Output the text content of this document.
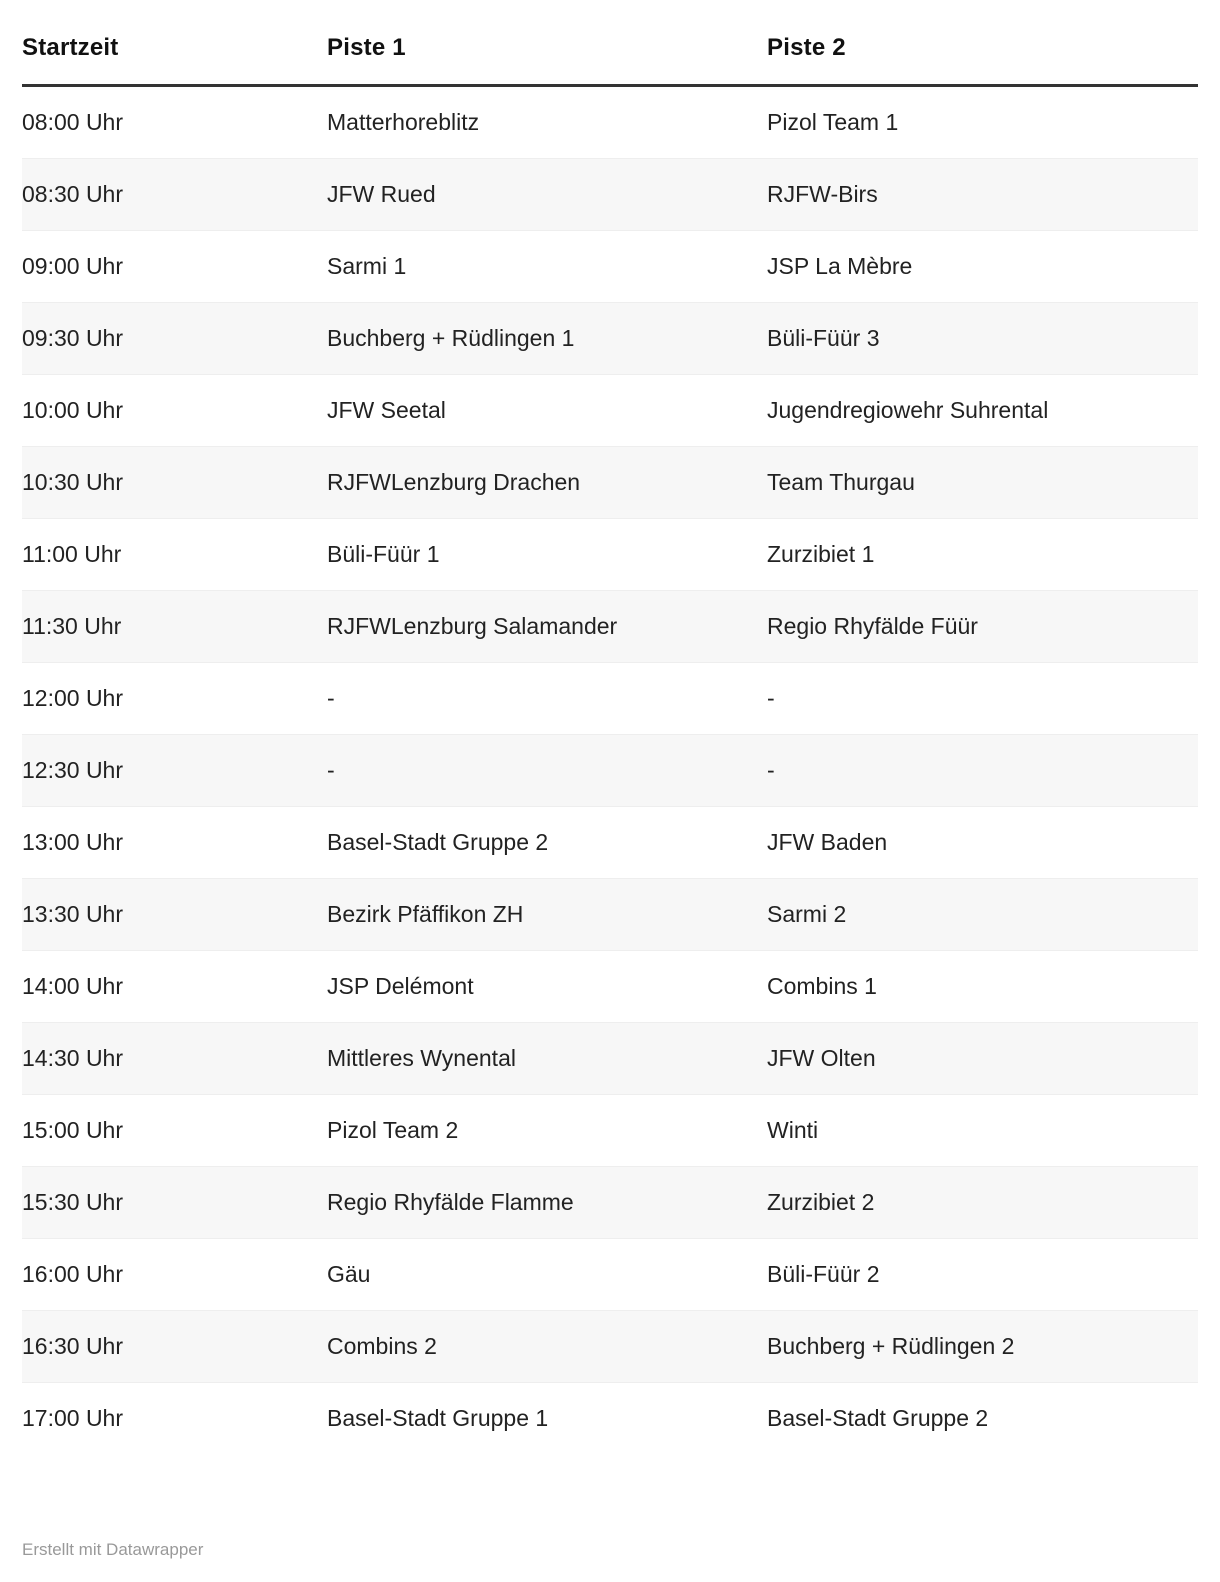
Startzeit	Piste 1	Piste 2
08:00 Uhr	Matterhoreblitz	Pizol Team 1
08:30 Uhr	JFW Rued	RJFW-Birs
09:00 Uhr	Sarmi 1	JSP La Mèbre
09:30 Uhr	Buchberg + Rüdlingen 1	Büli-Füür 3
10:00 Uhr	JFW Seetal	Jugendregiowehr Suhrental
10:30 Uhr	RJFWLenzburg Drachen	Team Thurgau
11:00 Uhr	Büli-Füür 1	Zurzibiet 1
11:30 Uhr	RJFWLenzburg Salamander	Regio Rhyfälde Füür
12:00 Uhr	-	-
12:30 Uhr	-	-
13:00 Uhr	Basel-Stadt Gruppe 2	JFW Baden
13:30 Uhr	Bezirk Pfäffikon ZH	Sarmi 2
14:00 Uhr	JSP Delémont	Combins 1
14:30 Uhr	Mittleres Wynental	JFW Olten
15:00 Uhr	Pizol Team 2	Winti
15:30 Uhr	Regio Rhyfälde Flamme	Zurzibiet 2
16:00 Uhr	Gäu	Büli-Füür 2
16:30 Uhr	Combins 2	Buchberg + Rüdlingen 2
17:00 Uhr	Basel-Stadt Gruppe 1	Basel-Stadt Gruppe 2
Erstellt mit Datawrapper
